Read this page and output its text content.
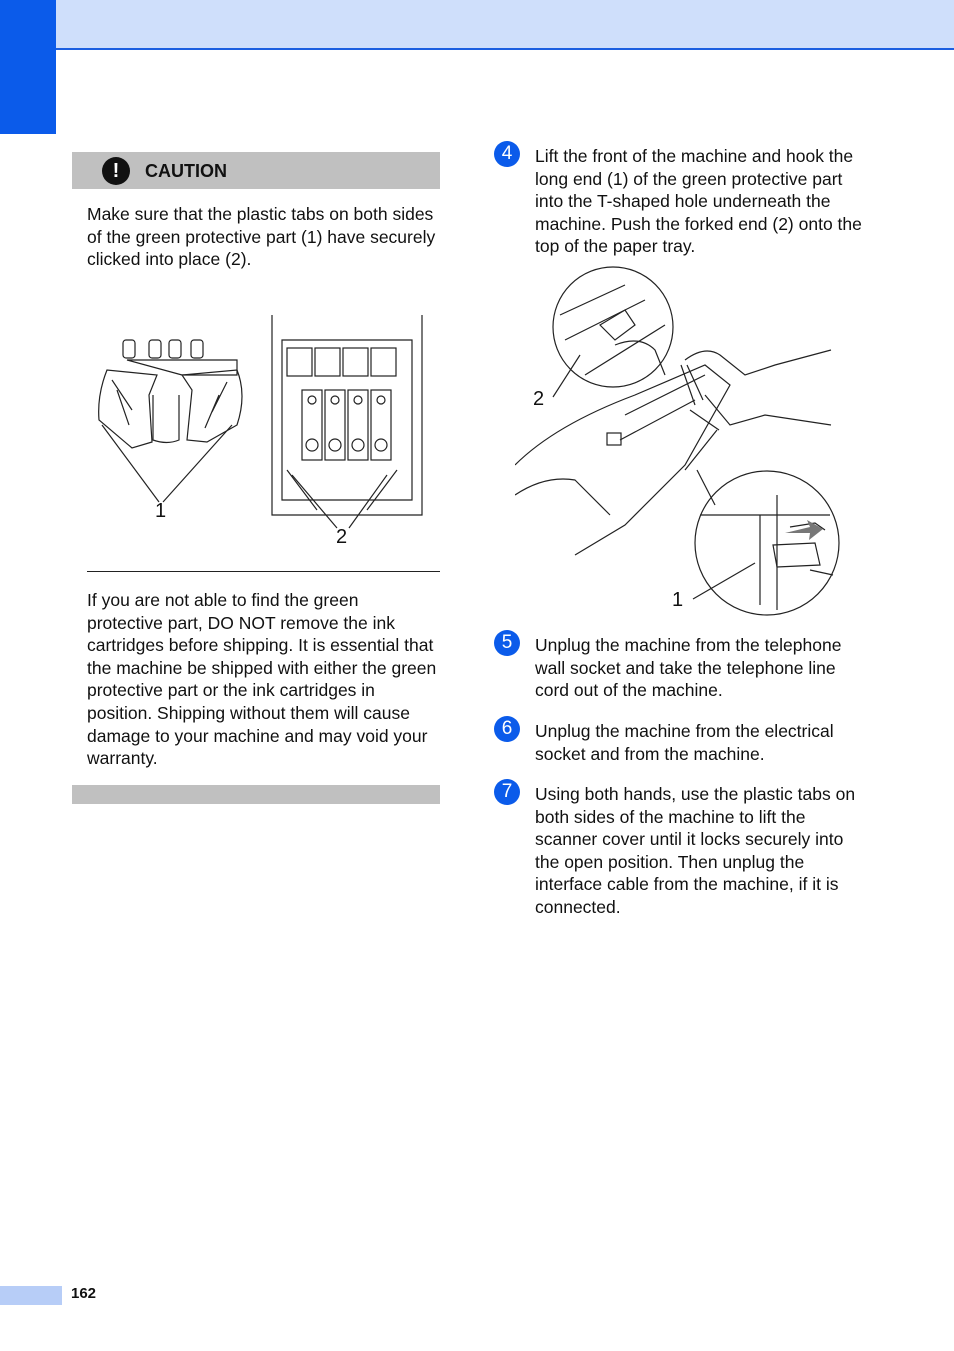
!	CAUTION

Make sure that the plastic tabs on both sides of the green protective part (1) have securely clicked into place (2).

1
2

If you are not able to find the green protective part, DO NOT remove the ink cartridges before shipping. It is essential that the machine be shipped with either the green protective part or the ink cartridges in position. Shipping without them will cause damage to your machine and may void your warranty.

4	Lift the front of the machine and hook the long end (1) of the green protective part into the T-shaped hole underneath the machine. Push the forked end (2) onto the top of the paper tray.

2
1
5	Unplug the machine from the telephone wall socket and take the telephone line cord out of the machine.

6	Unplug the machine from the electrical socket and from the machine.

7	Using both hands, use the plastic tabs on both sides of the machine to lift the scanner cover until it locks securely into the open position. Then unplug the interface cable from the machine, if it is connected.

162
